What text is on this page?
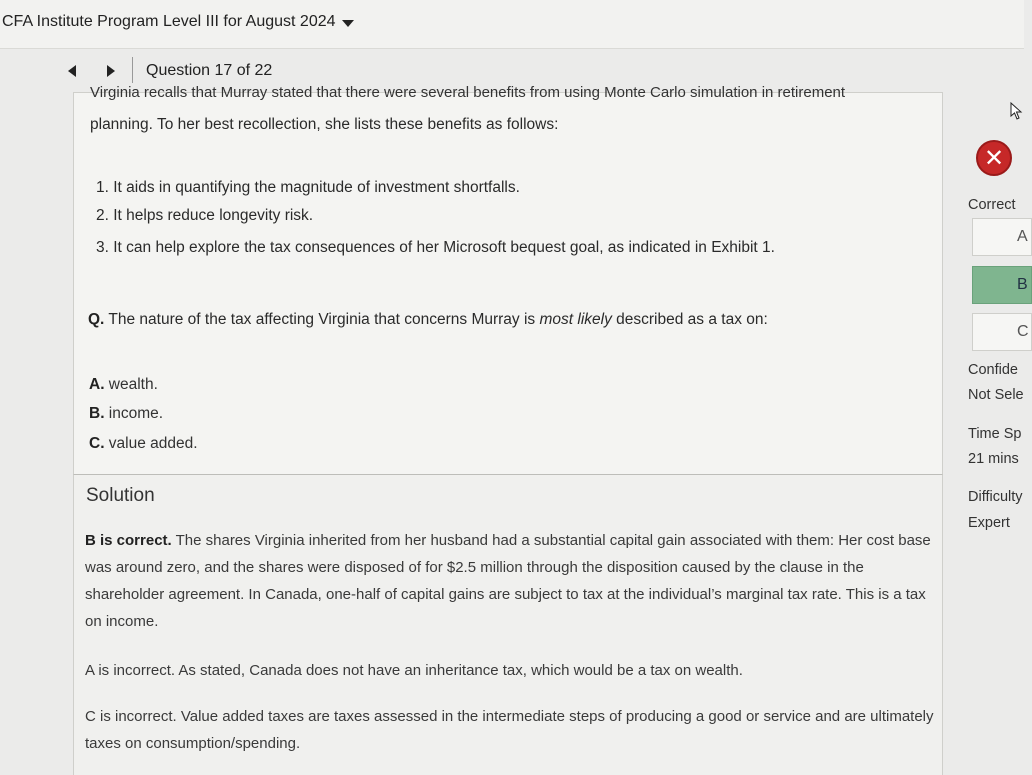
CFA Institute Program Level III for August 2024
Question 17 of 22
Virginia recalls that Murray stated that there were several benefits from using Monte Carlo simulation in retirement
planning. To her best recollection, she lists these benefits as follows:
1. It aids in quantifying the magnitude of investment shortfalls.
2. It helps reduce longevity risk.
3. It can help explore the tax consequences of her Microsoft bequest goal, as indicated in Exhibit 1.
Q. The nature of the tax affecting Virginia that concerns Murray is most likely described as a tax on:
A. wealth.
B. income.
C. value added.
Solution
B is correct. The shares Virginia inherited from her husband had a substantial capital gain associated with them: Her cost base was around zero, and the shares were disposed of for $2.5 million through the disposition caused by the clause in the shareholder agreement. In Canada, one-half of capital gains are subject to tax at the individual’s marginal tax rate. This is a tax on income.
A is incorrect. As stated, Canada does not have an inheritance tax, which would be a tax on wealth.
C is incorrect. Value added taxes are taxes assessed in the intermediate steps of producing a good or service and are ultimately taxes on consumption/spending.
✕
Correct
A
B
C
Confide
Not Sele
Time Sp
21 mins
Difficulty
Expert
